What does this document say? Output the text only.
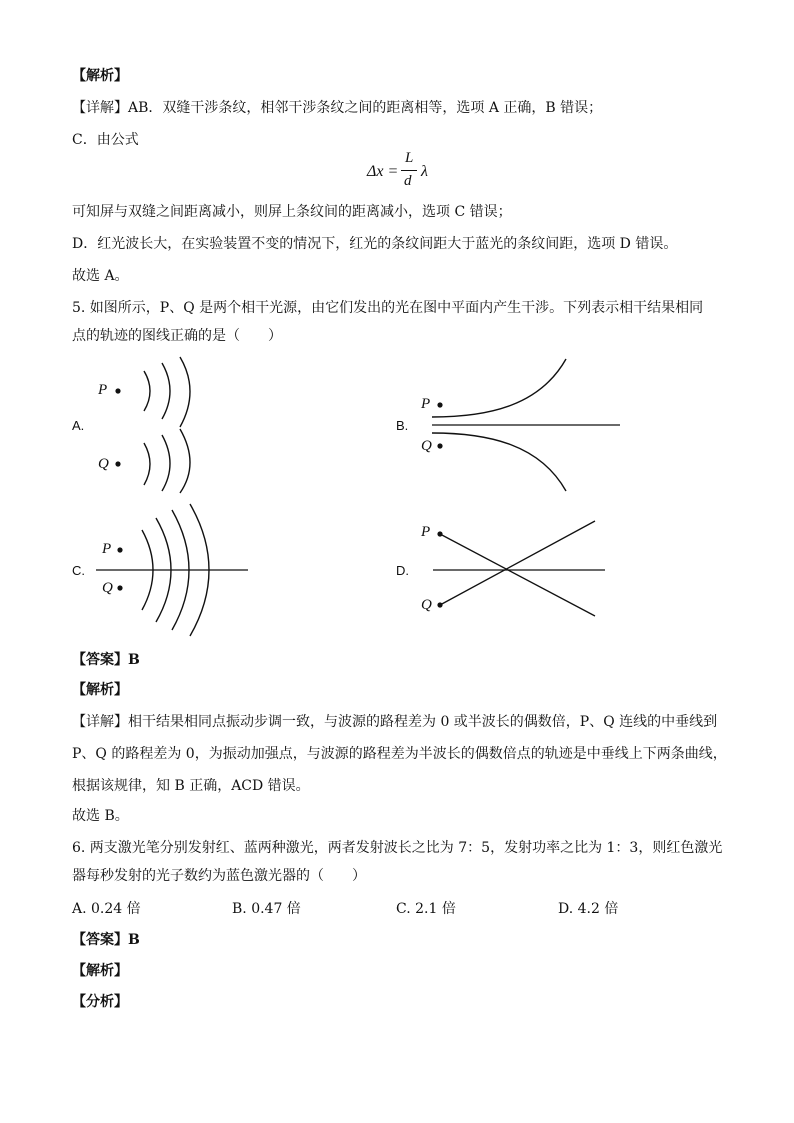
【解析】
【详解】AB．双缝干涉条纹，相邻干涉条纹之间的距离相等，选项 A 正确，B 错误；
C．由公式
Δx =
L
d
λ
可知屏与双缝之间距离减小，则屏上条纹间的距离减小，选项 C 错误；
D．红光波长大，在实验装置不变的情况下，红光的条纹间距大于蓝光的条纹间距，选项 D 错误。
故选 A。
5. 如图所示，P、Q 是两个相干光源，由它们发出的光在图中平面内产生干涉。下列表示相干结果相同
点的轨迹的图线正确的是（　　）
A.
P
Q
B.
P
Q
C.
P
Q
D.
P
Q
【答案】B
【解析】
【详解】相干结果相同点振动步调一致，与波源的路程差为 0 或半波长的偶数倍，P、Q 连线的中垂线到
P、Q 的路程差为 0，为振动加强点，与波源的路程差为半波长的偶数倍点的轨迹是中垂线上下两条曲线，
根据该规律，知 B 正确，ACD 错误。
故选 B。
6. 两支激光笔分别发射红、蓝两种激光，两者发射波长之比为 7：5，发射功率之比为 1：3，则红色激光
器每秒发射的光子数约为蓝色激光器的（　　）
A. 0.24 倍	B. 0.47 倍	C. 2.1 倍	D. 4.2 倍
【答案】B
【解析】
【分析】
